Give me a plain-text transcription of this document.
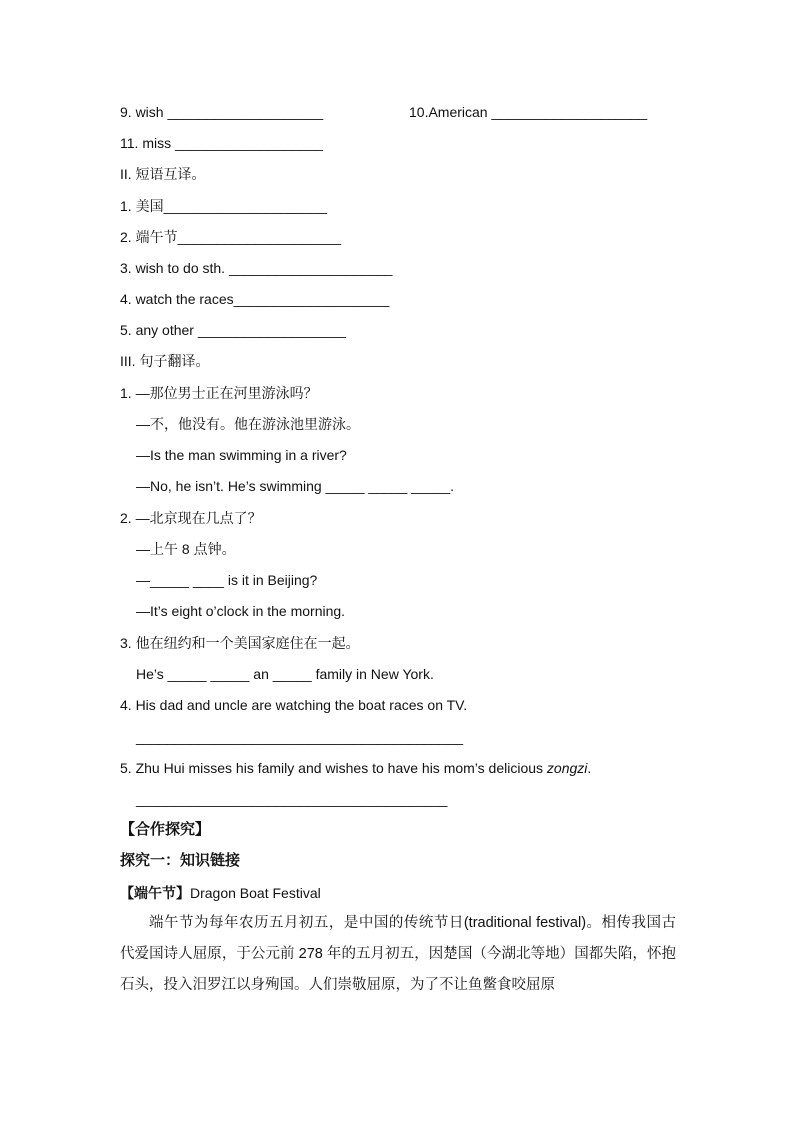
9. wish ____________________	10.American ____________________
11. miss ___________________
II. 短语互译。
1. 美国_____________________
2. 端午节_____________________
3. wish to do sth. _____________________
4. watch the races____________________
5. any other ___________________
III. 句子翻译。
1. —那位男士正在河里游泳吗？
—不，他没有。他在游泳池里游泳。
—Is the man swimming in a river?
—No, he isn’t. He’s swimming _____ _____ _____.
2. —北京现在几点了？
—上午 8 点钟。
—_____ ____ is it in Beijing?
—It’s eight o’clock in the morning.
3. 他在纽约和一个美国家庭住在一起。
He’s _____ _____ an _____ family in New York.
4. His dad and uncle are watching the boat races on TV.
__________________________________________
5. Zhu Hui misses his family and wishes to have his mom’s delicious zongzi.
________________________________________
【合作探究】
探究一：知识链接
【端午节】Dragon Boat Festival

端午节为每年农历五月初五，是中国的传统节日(traditional festival)。相传我国古代爱国诗人屈原，于公元前 278 年的五月初五，因楚国（今湖北等地）国都失陷，怀抱石头，投入汨罗江以身殉国。人们崇敬屈原，为了不让鱼鳖食咬屈原
